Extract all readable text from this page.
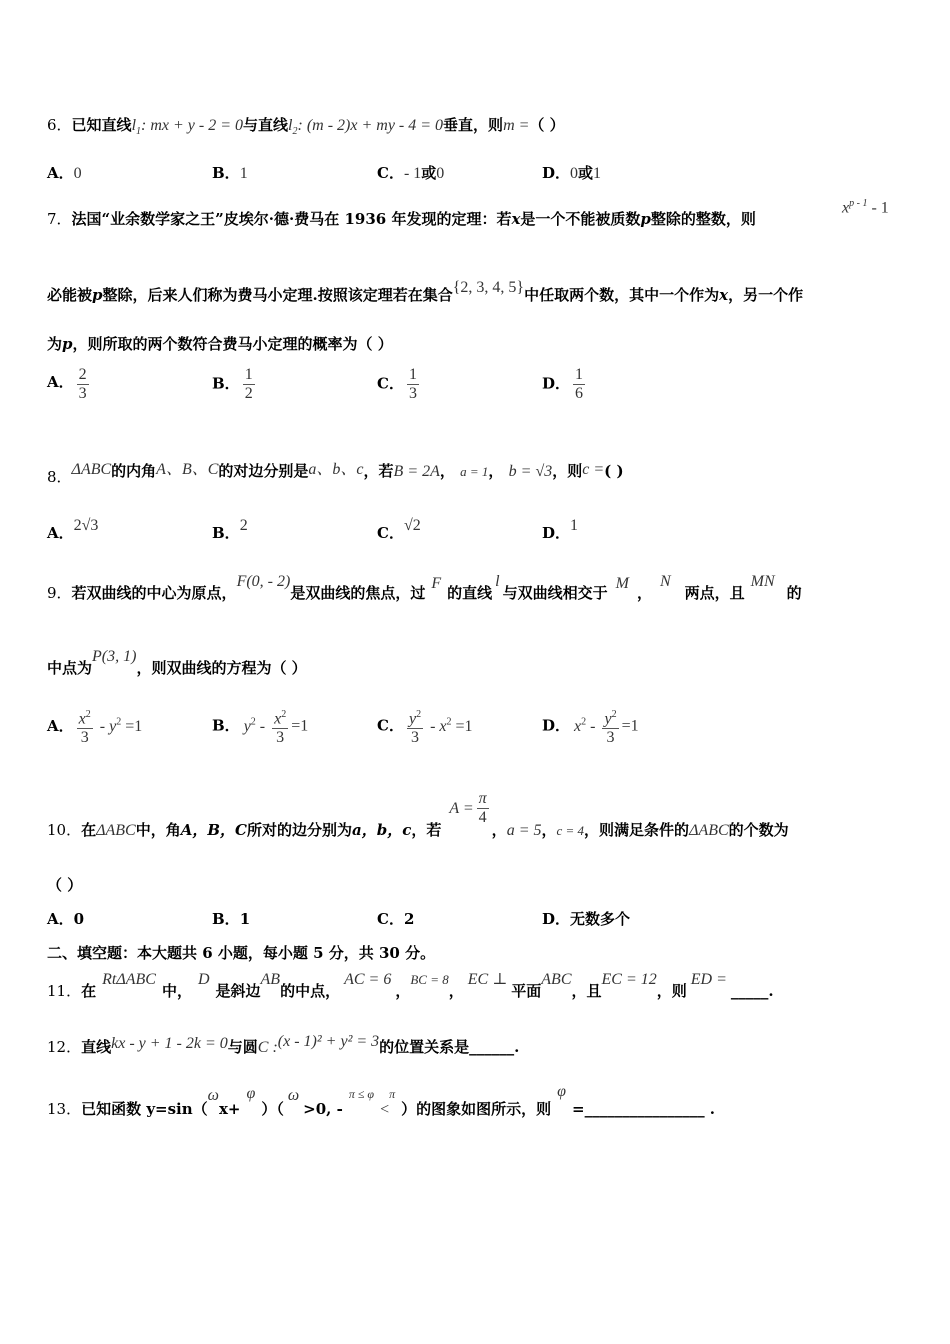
6．已知直线$l_1$: mx + y - 2 = 0与直线$l_2$: (m - 2)x + my - 4 = 0垂直，则m =（ ）
A．0	B．1	C．- 1或0	D．0或1
7．法国“业余数学家之王”皮埃尔·德·费马在 1936 年发现的定理：若x是一个不能被质数p整除的整数，则
$x^{p - 1} - 1$
必能被p整除，后来人们称为费马小定理.按照该定理若在集合{2, 3, 4, 5}中任取两个数，其中一个作为x，另一个作
为p，则所取的两个数符合费马小定理的概率为（ ）
A． $\frac{2}{3}$	B． $\frac{1}{2}$	C． $\frac{1}{3}$	D． $\frac{1}{6}$
8．ΔABC的内角A、B、C的对边分别是a、b、c，若B = 2A， a = 1， b = √3，则c =( )
A．2√3	B．2	C．√2	D．1
9．若双曲线的中心为原点，F(0, - 2)是双曲线的焦点，过F的直线l与双曲线相交于M，N两点，且MN的
中点为P(3, 1)，则双曲线的方程为（ ）
A． $\frac{x^2}{3} - y^2 =1$	B． $y^2 - \frac{x^2}{3} =1$	C． $\frac{y^2}{3} - x^2 =1$	D． $x^2 - \frac{y^2}{3} =1$
10．在ΔABC中，角A，B，C所对的边分别为a，b，c，若$A = \frac{\pi}{4}$
，a = 5，c = 4，则满足条件的ΔABC的个数为
（ ）
A．0	B．1	C．2	D．无数多个
二、填空题：本大题共 6 小题，每小题 5 分，共 30 分。
11．在RtΔABC中，D是斜边AB的中点，AC = 6，BC = 8，EC ⊥平面ABC，且EC = 12，则ED =_____.
12．直线kx - y + 1 - 2k = 0与圆C :(x - 1)² + y² = 3的位置关系是______.
13．已知函数 y=sin（ωx+φ）（ω>0, -$^{\pi \le \varphi}$<$^\pi$）的图象如图所示，则φ=________________ .
